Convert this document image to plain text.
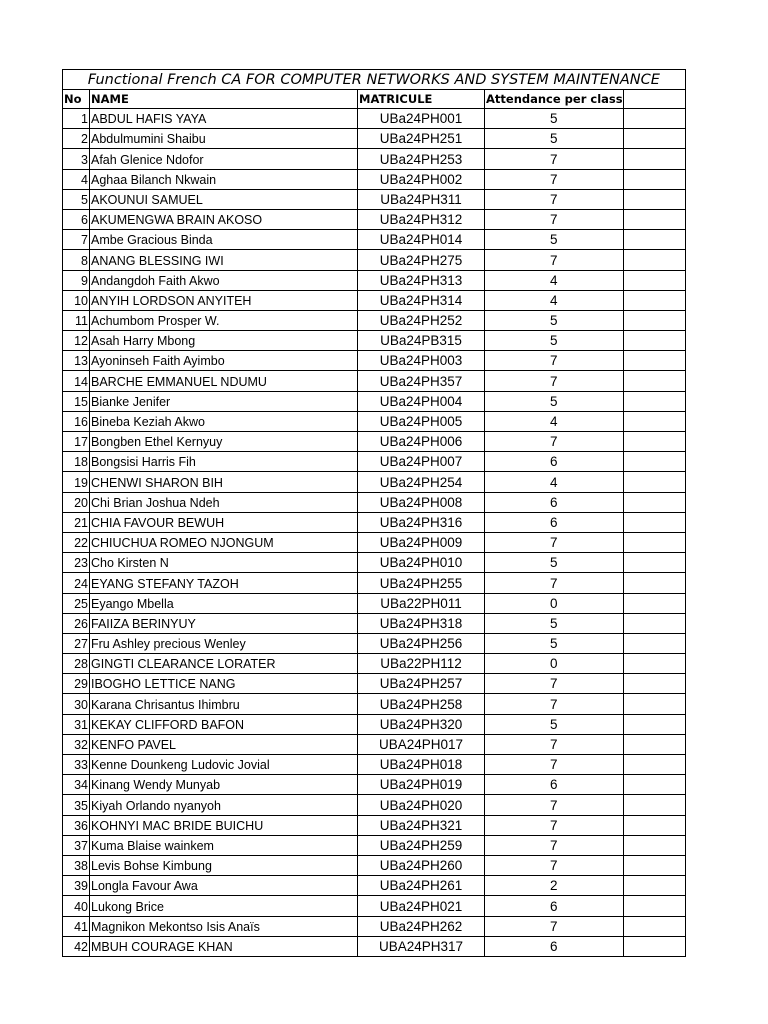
Functional French CA FOR COMPUTER NETWORKS AND SYSTEM MAINTENANCE				
No	NAME	MATRICULE	Attendance per class	
1	ABDUL HAFIS YAYA	UBa24PH001	5	
2	Abdulmumini Shaibu	UBa24PH251	5	
3	Afah Glenice Ndofor	UBa24PH253	7	
4	Aghaa Bilanch Nkwain	UBa24PH002	7	
5	AKOUNUI SAMUEL	UBa24PH311	7	
6	AKUMENGWA BRAIN AKOSO	UBa24PH312	7	
7	Ambe Gracious Binda	UBa24PH014	5	
8	ANANG BLESSING IWI	UBa24PH275	7	
9	Andangdoh Faith Akwo	UBa24PH313	4	
10	ANYIH LORDSON ANYITEH	UBa24PH314	4	
11	Achumbom Prosper W.	UBa24PH252	5	
12	Asah Harry Mbong	UBa24PB315	5	
13	Ayoninseh Faith Ayimbo	UBa24PH003	7	
14	BARCHE EMMANUEL NDUMU	UBa24PH357	7	
15	Bianke Jenifer	UBa24PH004	5	
16	Bineba Keziah Akwo	UBa24PH005	4	
17	Bongben Ethel Kernyuy	UBa24PH006	7	
18	Bongsisi Harris Fih	UBa24PH007	6	
19	CHENWI SHARON BIH	UBa24PH254	4	
20	Chi Brian Joshua Ndeh	UBa24PH008	6	
21	CHIA FAVOUR BEWUH	UBa24PH316	6	
22	CHIUCHUA ROMEO NJONGUM	UBa24PH009	7	
23	Cho Kirsten N	UBa24PH010	5	
24	EYANG STEFANY TAZOH	UBa24PH255	7	
25	Eyango Mbella	UBa22PH011	0	
26	FAIIZA BERINYUY	UBa24PH318	5	
27	Fru Ashley precious Wenley	UBa24PH256	5	
28	GINGTI CLEARANCE LORATER	UBa22PH112	0	
29	IBOGHO LETTICE NANG	UBa24PH257	7	
30	Karana Chrisantus Ihimbru	UBa24PH258	7	
31	KEKAY CLIFFORD BAFON	UBa24PH320	5	
32	KENFO PAVEL	UBA24PH017	7	
33	Kenne Dounkeng Ludovic Jovial	UBa24PH018	7	
34	Kinang Wendy Munyab	UBa24PH019	6	
35	Kiyah Orlando nyanyoh	UBa24PH020	7	
36	KOHNYI MAC BRIDE BUICHU	UBa24PH321	7	
37	Kuma Blaise wainkem	UBa24PH259	7	
38	Levis Bohse Kimbung	UBa24PH260	7	
39	Longla Favour Awa	UBa24PH261	2	
40	Lukong Brice	UBa24PH021	6	
41	Magnikon Mekontso Isis Anaïs	UBa24PH262	7	
42	MBUH COURAGE KHAN	UBA24PH317	6	
